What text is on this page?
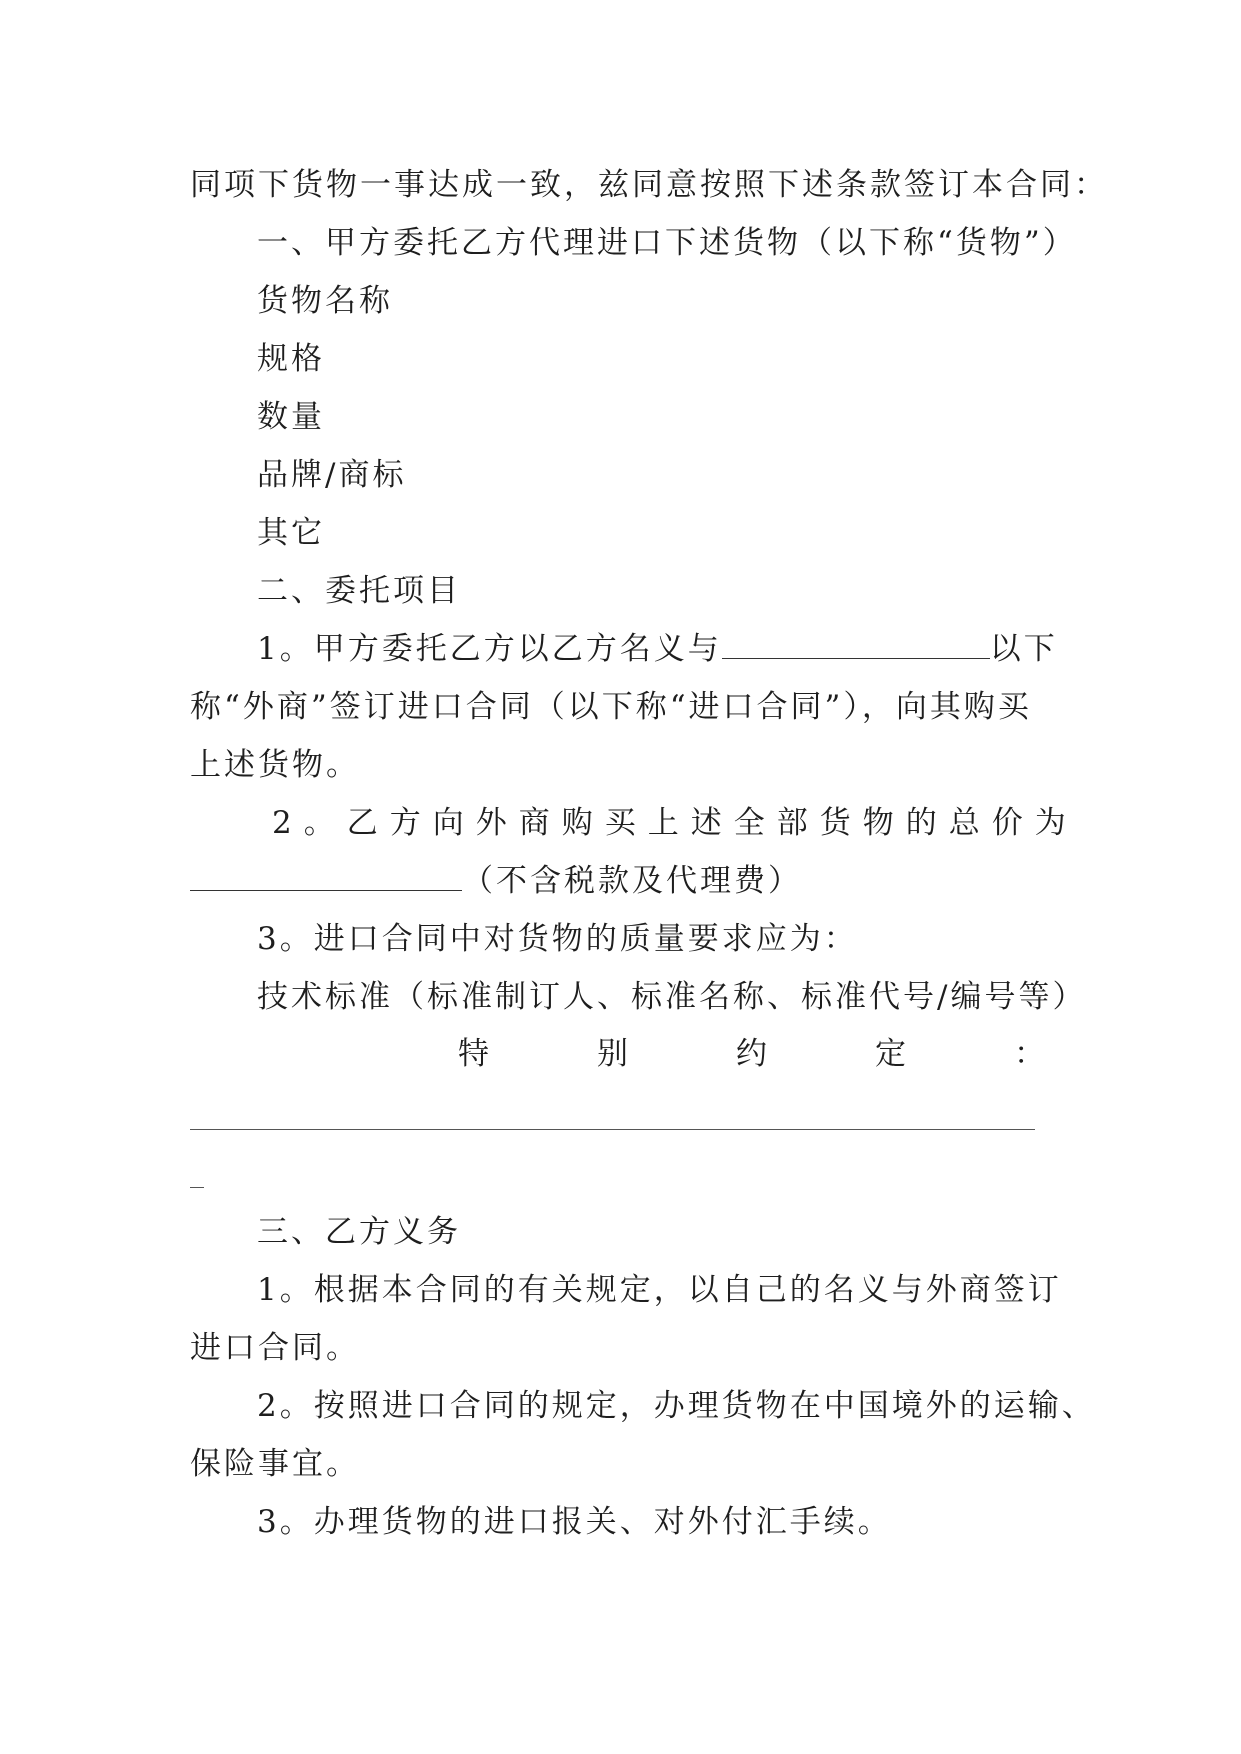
同项下货物一事达成一致，兹同意按照下述条款签订本合同：
一、甲方委托乙方代理进口下述货物（以下称“货物”）
货物名称
规格
数量
品牌/商标
其它
二、委托项目
1。甲方委托乙方以乙方名义与	以下
称“外商”签订进口合同（以下称“进口合同”），向其购买
上述货物。
2。乙方向外商购买上述全部货物的总价为
（不含税款及代理费）
3。进口合同中对货物的质量要求应为：
技术标准（标准制订人、标准名称、标准代号/编号等）
特	别	约	定	：
三、乙方义务
1。根据本合同的有关规定，以自己的名义与外商签订
进口合同。
2。按照进口合同的规定，办理货物在中国境外的运输、
保险事宜。
3。办理货物的进口报关、对外付汇手续。
